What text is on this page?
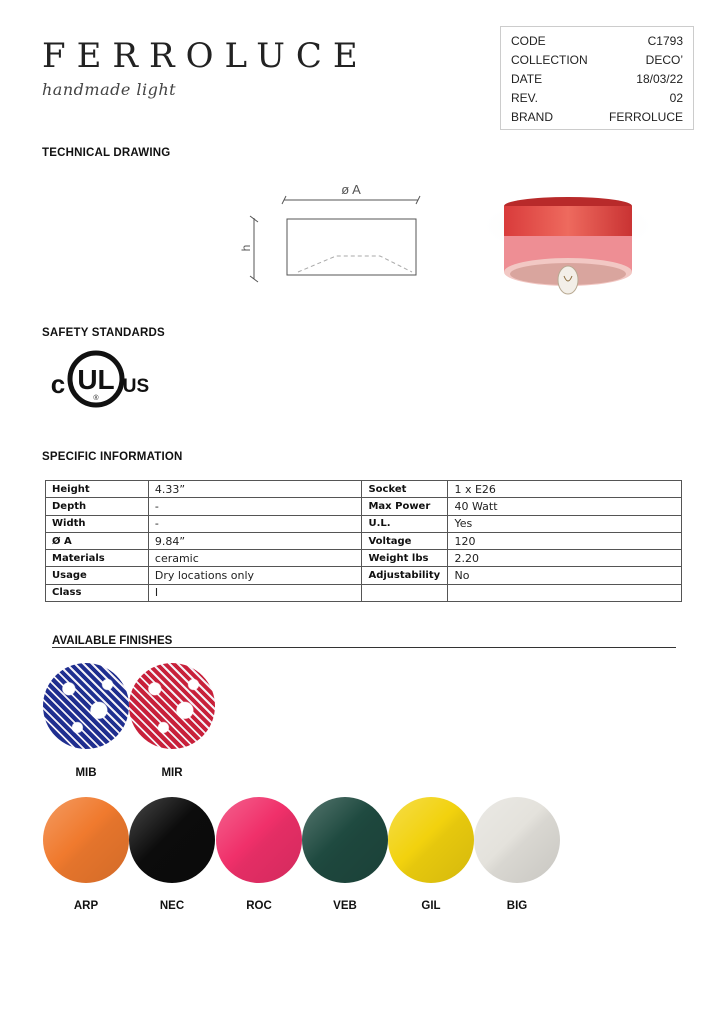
FERROLUCE
handmade light
CODE	C1793
COLLECTION	DECO’
DATE	18/03/22
REV.	02
BRAND	FERROLUCE
TECHNICAL DRAWING
SAFETY STANDARDS
SPECIFIC INFORMATION
ø A
h
c UL
®
US
Height	4.33”	Socket	1 x E26
Depth	-	Max Power	40 Watt
Width	-	U.L.	Yes
Ø A	9.84”	Voltage	120
Materials	ceramic	Weight lbs	2.20
Usage	Dry locations only	Adjustability	No
Class	I		
AVAILABLE FINISHES
MIB	MIR
ARP	NEC	ROC	VEB	GIL	BIG
